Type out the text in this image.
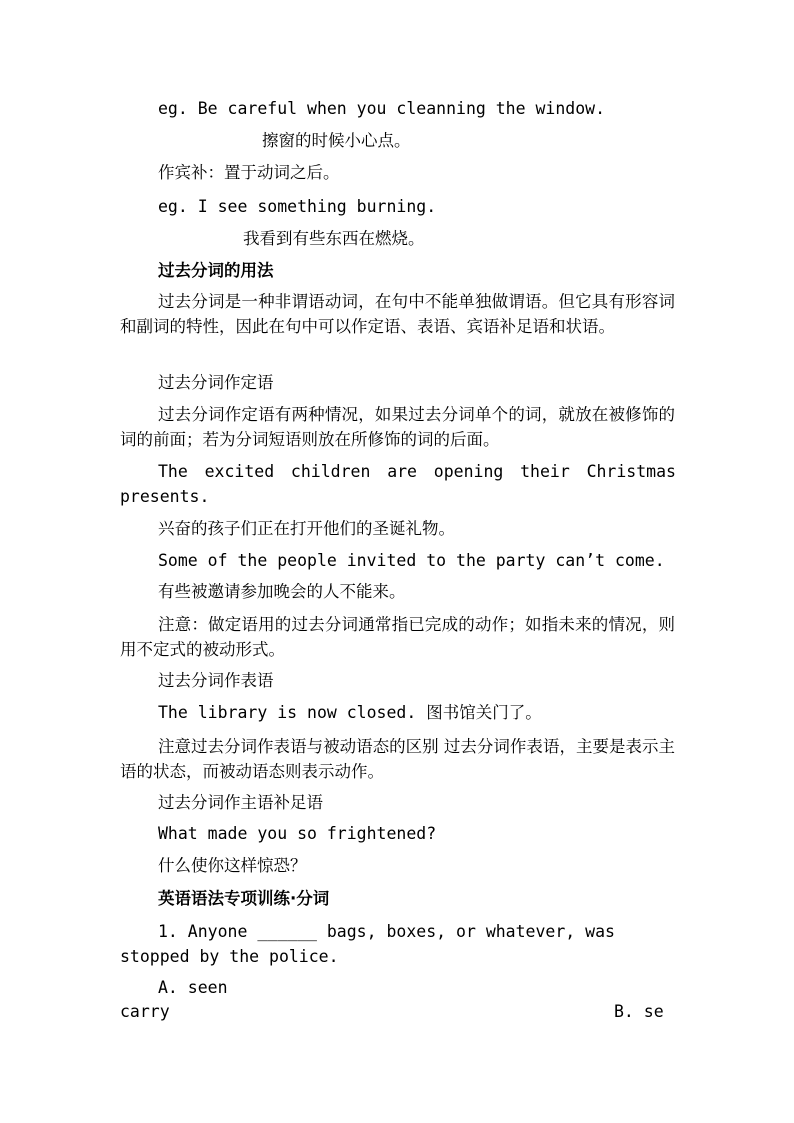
eg. Be careful when you cleanning the window.
擦窗的时候小心点。
作宾补：置于动词之后。
eg. I see something burning.
我看到有些东西在燃烧。
过去分词的用法
过去分词是一种非谓语动词，在句中不能单独做谓语。但它具有形容词和副词的特性，因此在句中可以作定语、表语、宾语补足语和状语。
过去分词作定语
过去分词作定语有两种情况，如果过去分词单个的词，就放在被修饰的词的前面；若为分词短语则放在所修饰的词的后面。
The excited children are opening their Christmas
presents.
兴奋的孩子们正在打开他们的圣诞礼物。
Some of the people invited to the party can’t come.
有些被邀请参加晚会的人不能来。
注意：做定语用的过去分词通常指已完成的动作；如指未来的情况，则用不定式的被动形式。
过去分词作表语
The library is now closed. 图书馆关门了。
注意过去分词作表语与被动语态的区别 过去分词作表语，主要是表示主语的状态，而被动语态则表示动作。
过去分词作主语补足语
What made you so frightened?
什么使你这样惊恐？
英语语法专项训练·分词
1. Anyone ______ bags, boxes, or whatever, was stopped by the police.
A. seen
carry	B. se
